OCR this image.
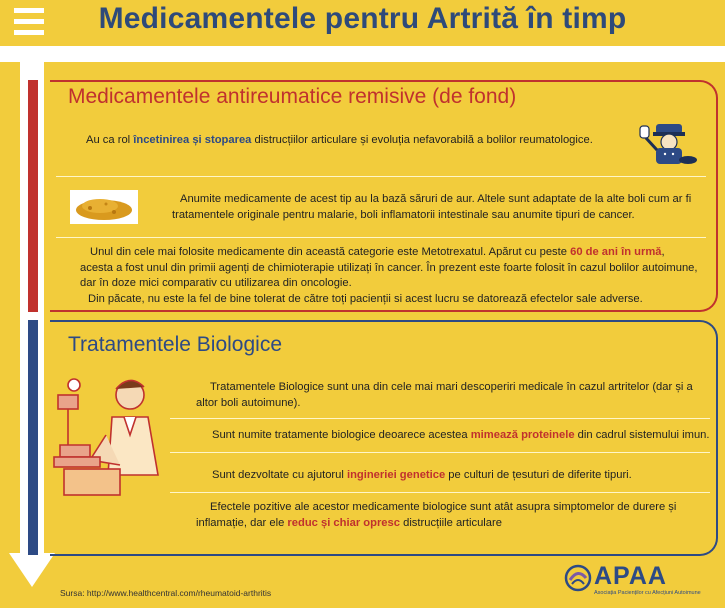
Medicamentele pentru Artrită în timp
Medicamentele antireumatice remisive (de fond)
Au ca rol încetinirea și stoparea distrucțiilor articulare și evoluția nefavorabilă a bolilor reumatologice.
Anumite medicamente de acest tip au la bază săruri de aur. Altele sunt adaptate de la alte boli cum ar fi
tratamentele originale pentru malarie, boli inflamatorii intestinale sau anumite tipuri de cancer.
Unul din cele mai folosite medicamente din această categorie este Metotrexatul. Apărut cu peste 60 de ani în urmă,
acesta a fost unul din primii agenți de chimioterapie utilizați în cancer. În prezent este foarte folosit în cazul bolilor autoimune,
dar în doze mici comparativ cu utilizarea din oncologie.
Din păcate, nu este la fel de bine tolerat de către toți pacienții si acest lucru se datorează efectelor sale adverse.
Tratamentele Biologice
Tratamentele Biologice sunt una din cele mai mari descoperiri medicale în cazul artritelor (dar și a
altor boli autoimune).
Sunt numite tratamente biologice deoarece acestea mimează proteinele din cadrul sistemului imun.
Sunt dezvoltate cu ajutorul ingineriei genetice pe culturi de țesuturi de diferite tipuri.
Efectele pozitive ale acestor medicamente biologice sunt atât asupra simptomelor de durere și
inflamație, dar ele reduc și chiar opresc distrucțiile articulare
Sursa: http://www.healthcentral.com/rheumatoid-arthritis
APAA
Asociația Pacienților cu Afecțiuni Autoimune
